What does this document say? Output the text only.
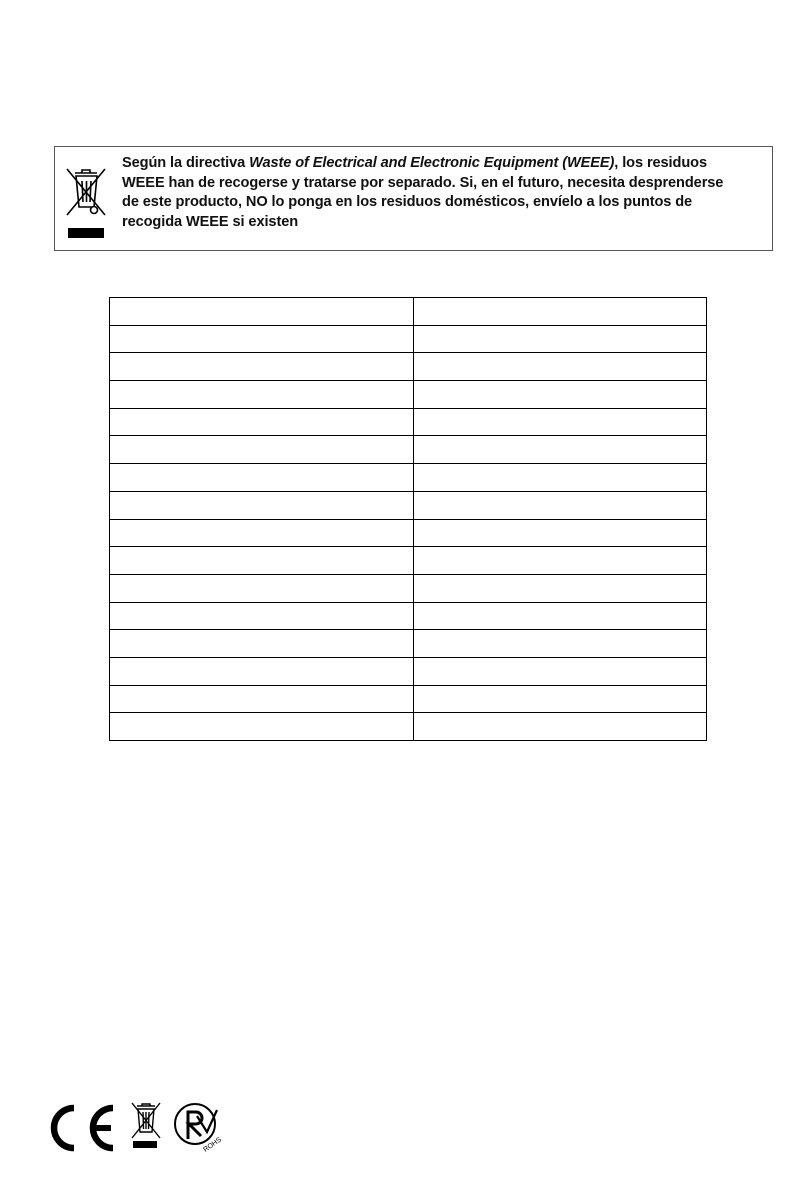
Según la directiva Waste of Electrical and Electronic Equipment (WEEE), los residuos
WEEE han de recogerse y tratarse por separado. Si, en el futuro, necesita desprenderse
de este producto, NO lo ponga en los residuos domésticos, envíelo a los puntos de
recogida WEEE si existen

ROHS
